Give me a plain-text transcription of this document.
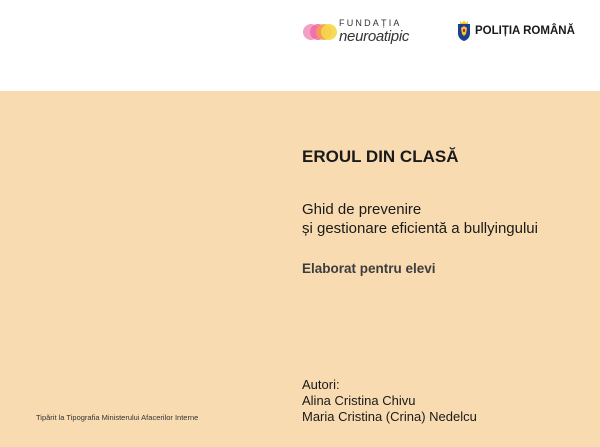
FUNDAȚIA
neuroatipic	POLIȚIA ROMÂNĂ
EROUL DIN CLASĂ
Ghid de prevenire
și gestionare eficientă a bullyingului
Elaborat pentru elevi
Autori:
Alina Cristina Chivu
Maria Cristina (Crina) Nedelcu
Tipărit la Tipografia Ministerului Afacerilor Interne
